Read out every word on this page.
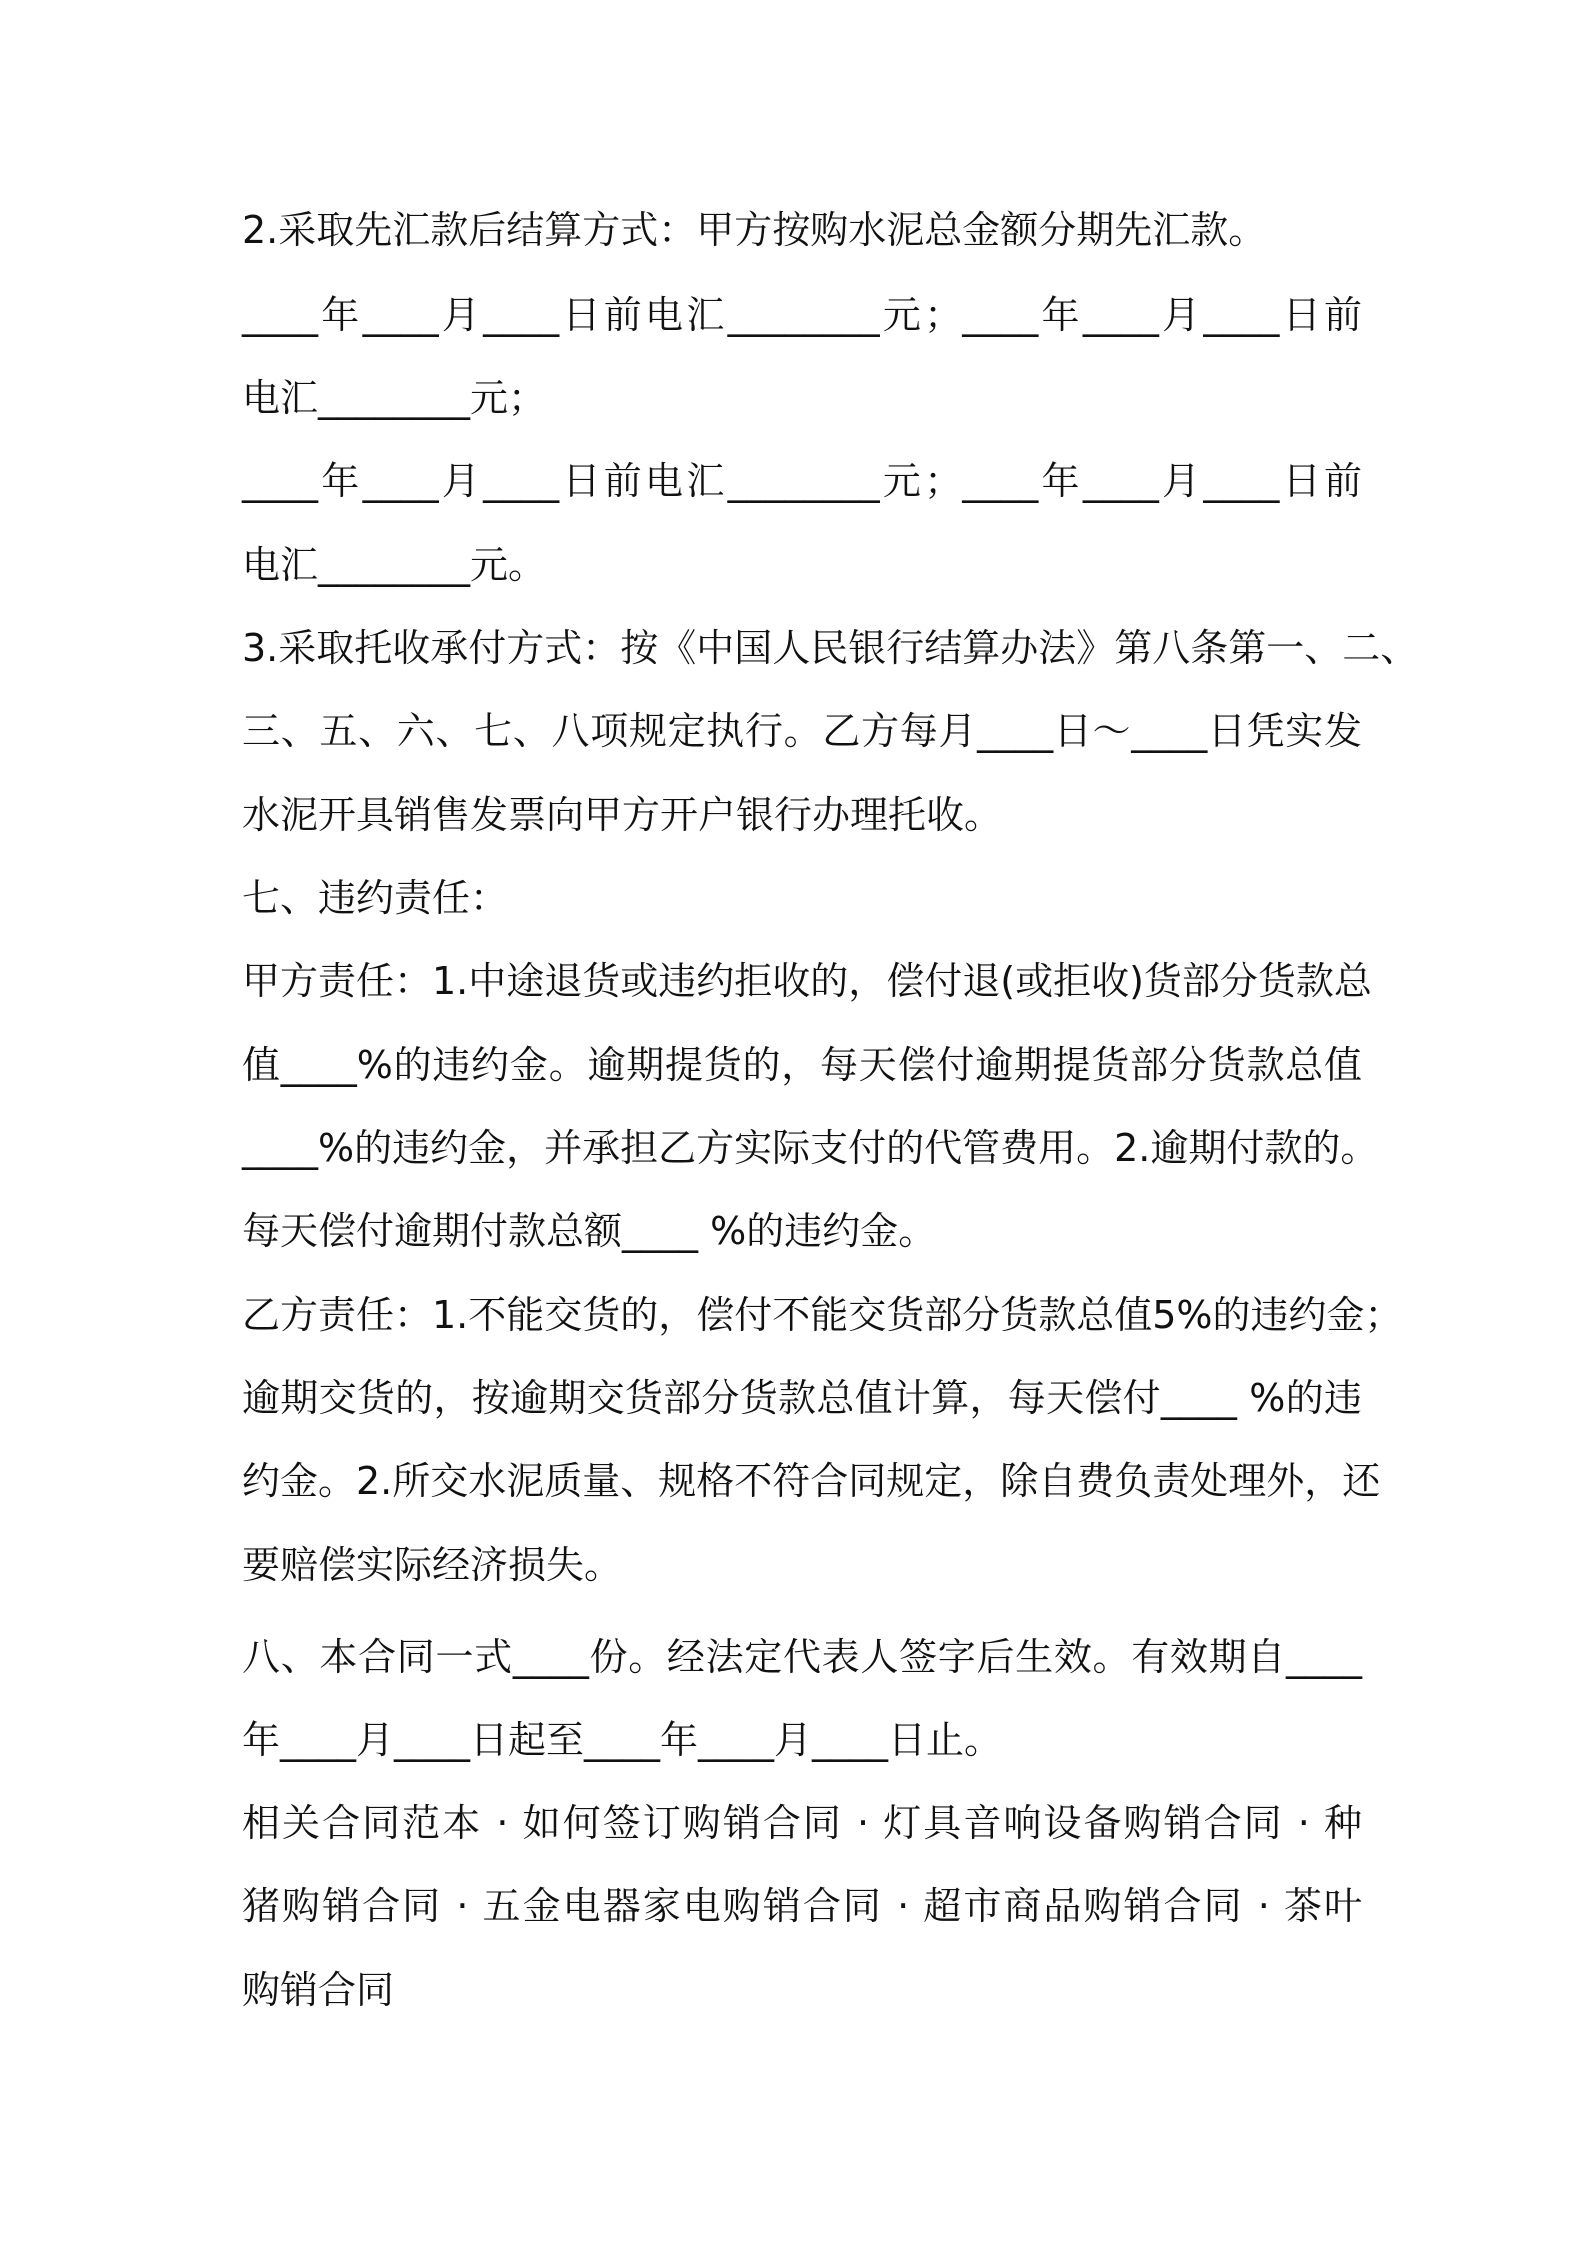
2.采取先汇款后结算方式：甲方按购水泥总金额分期先汇款。
____年____月____日前电汇________元；____年____月____日前
电汇________元；
____年____月____日前电汇________元；____年____月____日前
电汇________元。
3.采取托收承付方式：按《中国人民银行结算办法》第八条第一、二、
三、五、六、七、八项规定执行。乙方每月____日～____日凭实发
水泥开具销售发票向甲方开户银行办理托收。
七、违约责任：
甲方责任：1.中途退货或违约拒收的，偿付退(或拒收)货部分货款总
值____%的违约金。逾期提货的，每天偿付逾期提货部分货款总值
____%的违约金，并承担乙方实际支付的代管费用。2.逾期付款的。
每天偿付逾期付款总额____ %的违约金。
乙方责任：1.不能交货的，偿付不能交货部分货款总值5%的违约金；
逾期交货的，按逾期交货部分货款总值计算，每天偿付____ %的违
约金。2.所交水泥质量、规格不符合同规定，除自费负责处理外，还
要赔偿实际经济损失。
八、本合同一式____份。经法定代表人签字后生效。有效期自____
年____月____日起至____年____月____日止。
相关合同范本 · 如何签订购销合同 · 灯具音响设备购销合同 · 种
猪购销合同 · 五金电器家电购销合同 · 超市商品购销合同 · 茶叶
购销合同
